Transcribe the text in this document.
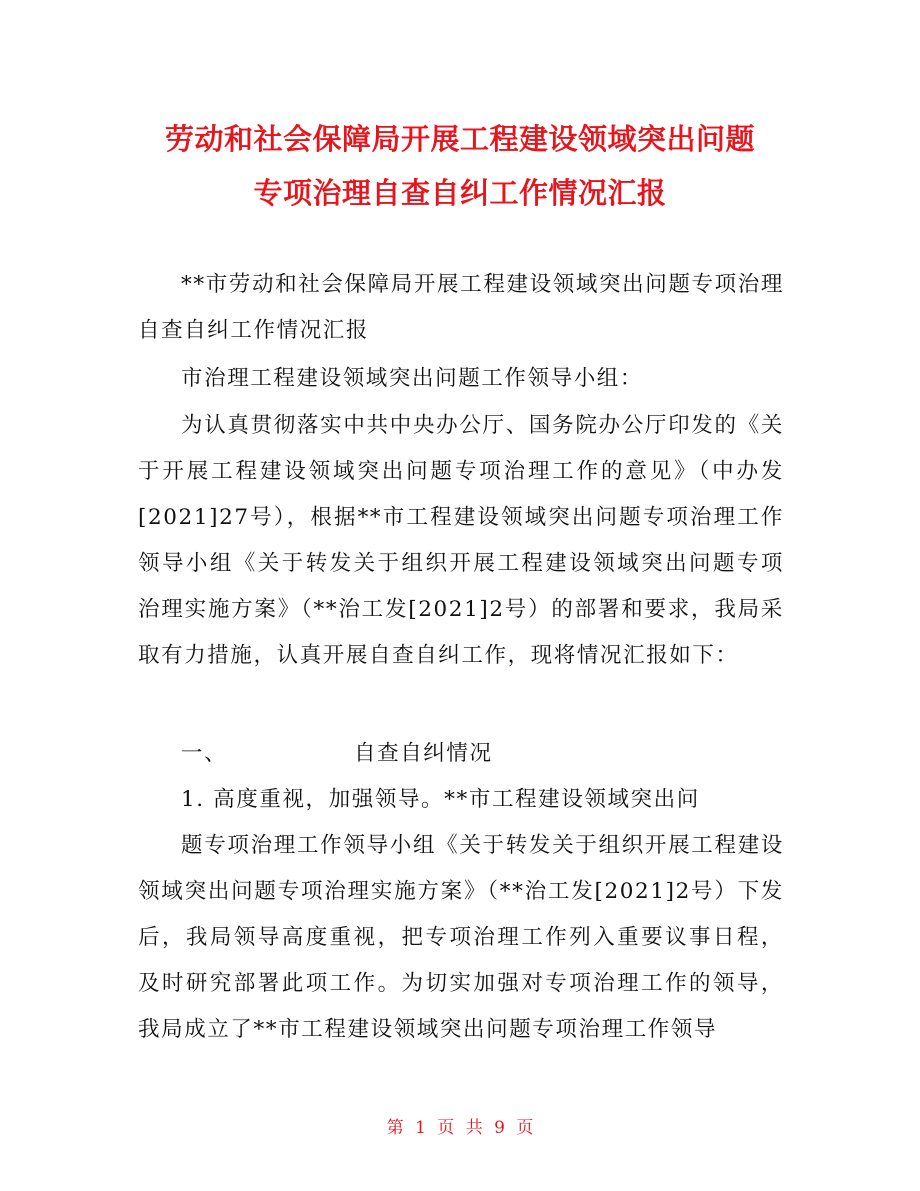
劳动和社会保障局开展工程建设领域突出问题
专项治理自查自纠工作情况汇报

**市劳动和社会保障局开展工程建设领域突出问题专项治理自查自纠工作情况汇报

市治理工程建设领域突出问题工作领导小组：

为认真贯彻落实中共中央办公厅、国务院办公厅印发的《关于开展工程建设领域突出问题专项治理工作的意见》（中办发[2021]27号），根据**市工程建设领域突出问题专项治理工作领导小组《关于转发关于组织开展工程建设领域突出问题专项治理实施方案》（**治工发[2021]2号）的部署和要求，我局采取有力措施，认真开展自查自纠工作，现将情况汇报如下：

一、	自查自纠情况
1. 高度重视，加强领导。**市工程建设领域突出问

题专项治理工作领导小组《关于转发关于组织开展工程建设领域突出问题专项治理实施方案》（**治工发[2021]2号）下发后，我局领导高度重视，把专项治理工作列入重要议事日程，及时研究部署此项工作。为切实加强对专项治理工作的领导，我局成立了**市工程建设领域突出问题专项治理工作领导

第 1 页 共 9 页
